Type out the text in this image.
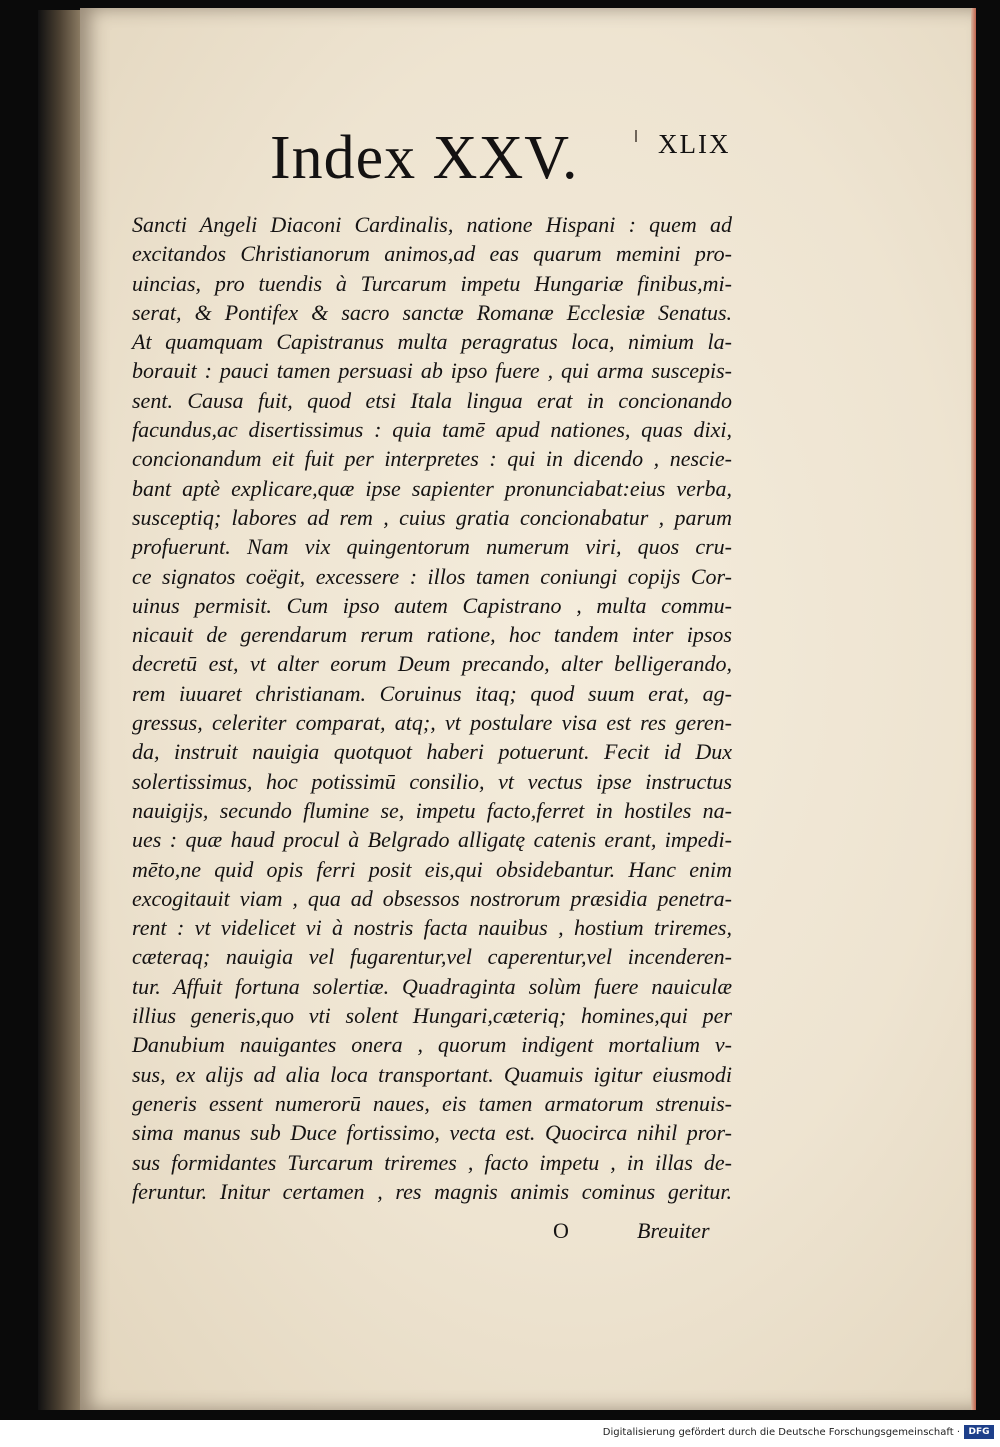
Index XXV.	XLIX
Sancti Angeli Diaconi Cardinalis, natione Hispani : quem ad
excitandos Christianorum animos,ad eas quarum memini pro-
uincias, pro tuendis à Turcarum impetu Hungariæ finibus,mi-
serat, & Pontifex & sacro sanctæ Romanæ Ecclesiæ Senatus.
At quamquam Capistranus multa peragratus loca, nimium la-
borauit : pauci tamen persuasi ab ipso fuere , qui arma suscepis-
sent. Causa fuit, quod etsi Itala lingua erat in concionando
facundus,ac disertissimus : quia tamē apud nationes, quas dixi,
concionandum eit fuit per interpretes : qui in dicendo , nescie-
bant aptè explicare,quæ ipse sapienter pronunciabat:eius verba,
susceptiq; labores ad rem , cuius gratia concionabatur , parum
profuerunt. Nam vix quingentorum numerum viri, quos cru-
ce signatos coëgit, excessere : illos tamen coniungi copijs Cor-
uinus permisit. Cum ipso autem Capistrano , multa commu-
nicauit de gerendarum rerum ratione, hoc tandem inter ipsos
decretū est, vt alter eorum Deum precando, alter belligerando,
rem iuuaret christianam. Coruinus itaq; quod suum erat, ag-
gressus, celeriter comparat, atq;, vt postulare visa est res geren-
da, instruit nauigia quotquot haberi potuerunt. Fecit id Dux
solertissimus, hoc potissimū consilio, vt vectus ipse instructus
nauigijs, secundo flumine se, impetu facto,ferret in hostiles na-
ues : quæ haud procul à Belgrado alligatę catenis erant, impedi-
mēto,ne quid opis ferri posit eis,qui obsidebantur. Hanc enim
excogitauit viam , qua ad obsessos nostrorum præsidia penetra-
rent : vt videlicet vi à nostris facta nauibus , hostium triremes,
cæteraq; nauigia vel fugarentur,vel caperentur,vel incenderen-
tur. Affuit fortuna solertiæ. Quadraginta solùm fuere nauiculæ
illius generis,quo vti solent Hungari,cæteriq; homines,qui per
Danubium nauigantes onera , quorum indigent mortalium v-
sus, ex alijs ad alia loca transportant. Quamuis igitur eiusmodi
generis essent numerorū naues, eis tamen armatorum strenuis-
sima manus sub Duce fortissimo, vecta est. Quocirca nihil pror-
sus formidantes Turcarum triremes , facto impetu , in illas de-
feruntur. Initur certamen , res magnis animis cominus geritur.
O	Breuiter
Digitalisierung gefördert durch die Deutsche Forschungsgemeinschaft · DFG
